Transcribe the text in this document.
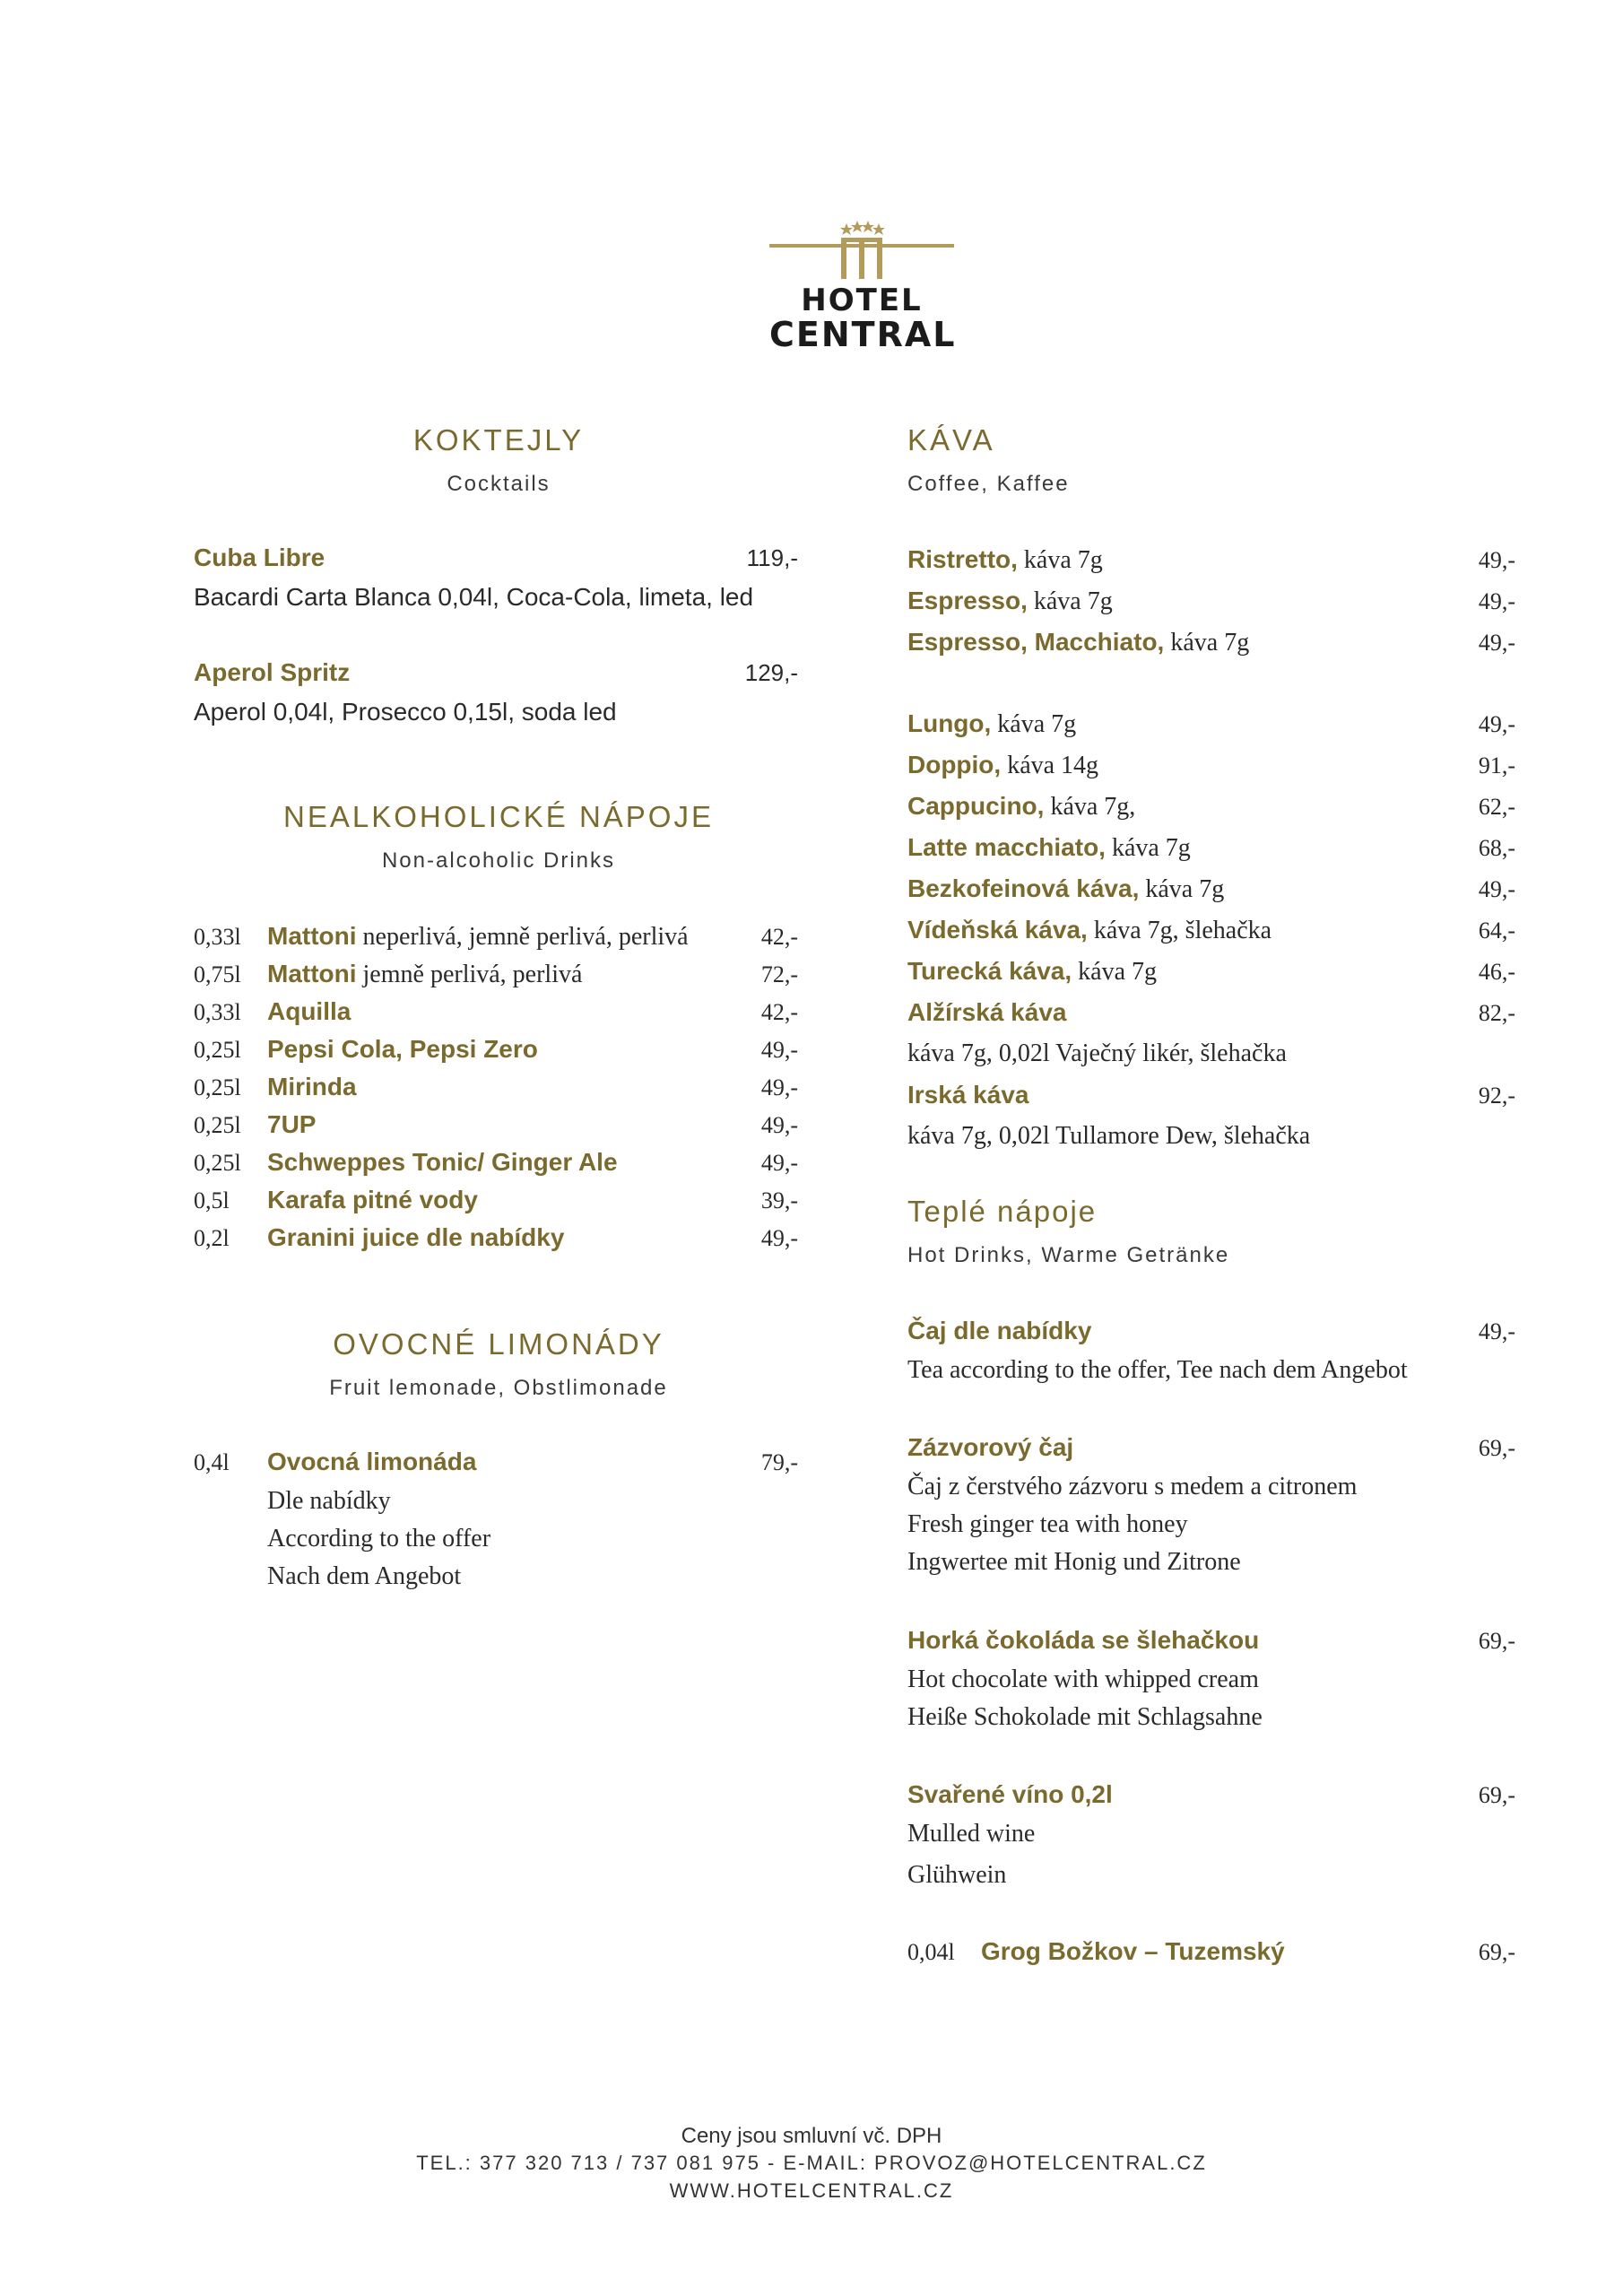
HOTEL
CENTRAL
KOKTEJLY
Cocktails
Cuba Libre	119,-
Bacardi Carta Blanca 0,04l, Coca-Cola, limeta, led
Aperol Spritz	129,-
Aperol 0,04l, Prosecco 0,15l, soda led
NEALKOHOLICKÉ NÁPOJE
Non-alcoholic Drinks
0,33l Mattoni neperlivá, jemně perlivá, perlivá	42,-
0,75l Mattoni jemně perlivá, perlivá	72,-
0,33l Aquilla	42,-
0,25l Pepsi Cola, Pepsi Zero	49,-
0,25l Mirinda	49,-
0,25l 7UP	49,-
0,25l Schweppes Tonic/ Ginger Ale	49,-
0,5l Karafa pitné vody	39,-
0,2l Granini juice dle nabídky	49,-
OVOCNÉ LIMONÁDY
Fruit lemonade, Obstlimonade
0,4l Ovocná limonáda	79,-
Dle nabídky
According to the offer
Nach dem Angebot
KÁVA
Coffee, Kaffee
Ristretto, káva 7g	49,-
Espresso, káva 7g	49,-
Espresso, Macchiato, káva 7g	49,-
Lungo, káva 7g	49,-
Doppio, káva 14g	91,-
Cappucino, káva 7g,	62,-
Latte macchiato, káva 7g	68,-
Bezkofeinová káva, káva 7g	49,-
Vídeňská káva, káva 7g, šlehačka	64,-
Turecká káva, káva 7g	46,-
Alžírská káva	82,-
káva 7g, 0,02l Vaječný likér, šlehačka
Irská káva	92,-
káva 7g, 0,02l Tullamore Dew, šlehačka
Teplé nápoje
Hot Drinks, Warme Getränke
Čaj dle nabídky	49,-
Tea according to the offer, Tee nach dem Angebot
Zázvorový čaj	69,-
Čaj z čerstvého zázvoru s medem a citronem
Fresh ginger tea with honey
Ingwertee mit Honig und Zitrone
Horká čokoláda se šlehačkou	69,-
Hot chocolate with whipped cream
Heiße Schokolade mit Schlagsahne
Svařené víno 0,2l	69,-
Mulled wine
Glühwein
0,04l Grog Božkov – Tuzemský	69,-
Ceny jsou smluvní vč. DPH
TEL.: 377 320 713 / 737 081 975 - E-MAIL: PROVOZ@HOTELCENTRAL.CZ
WWW.HOTELCENTRAL.CZ
